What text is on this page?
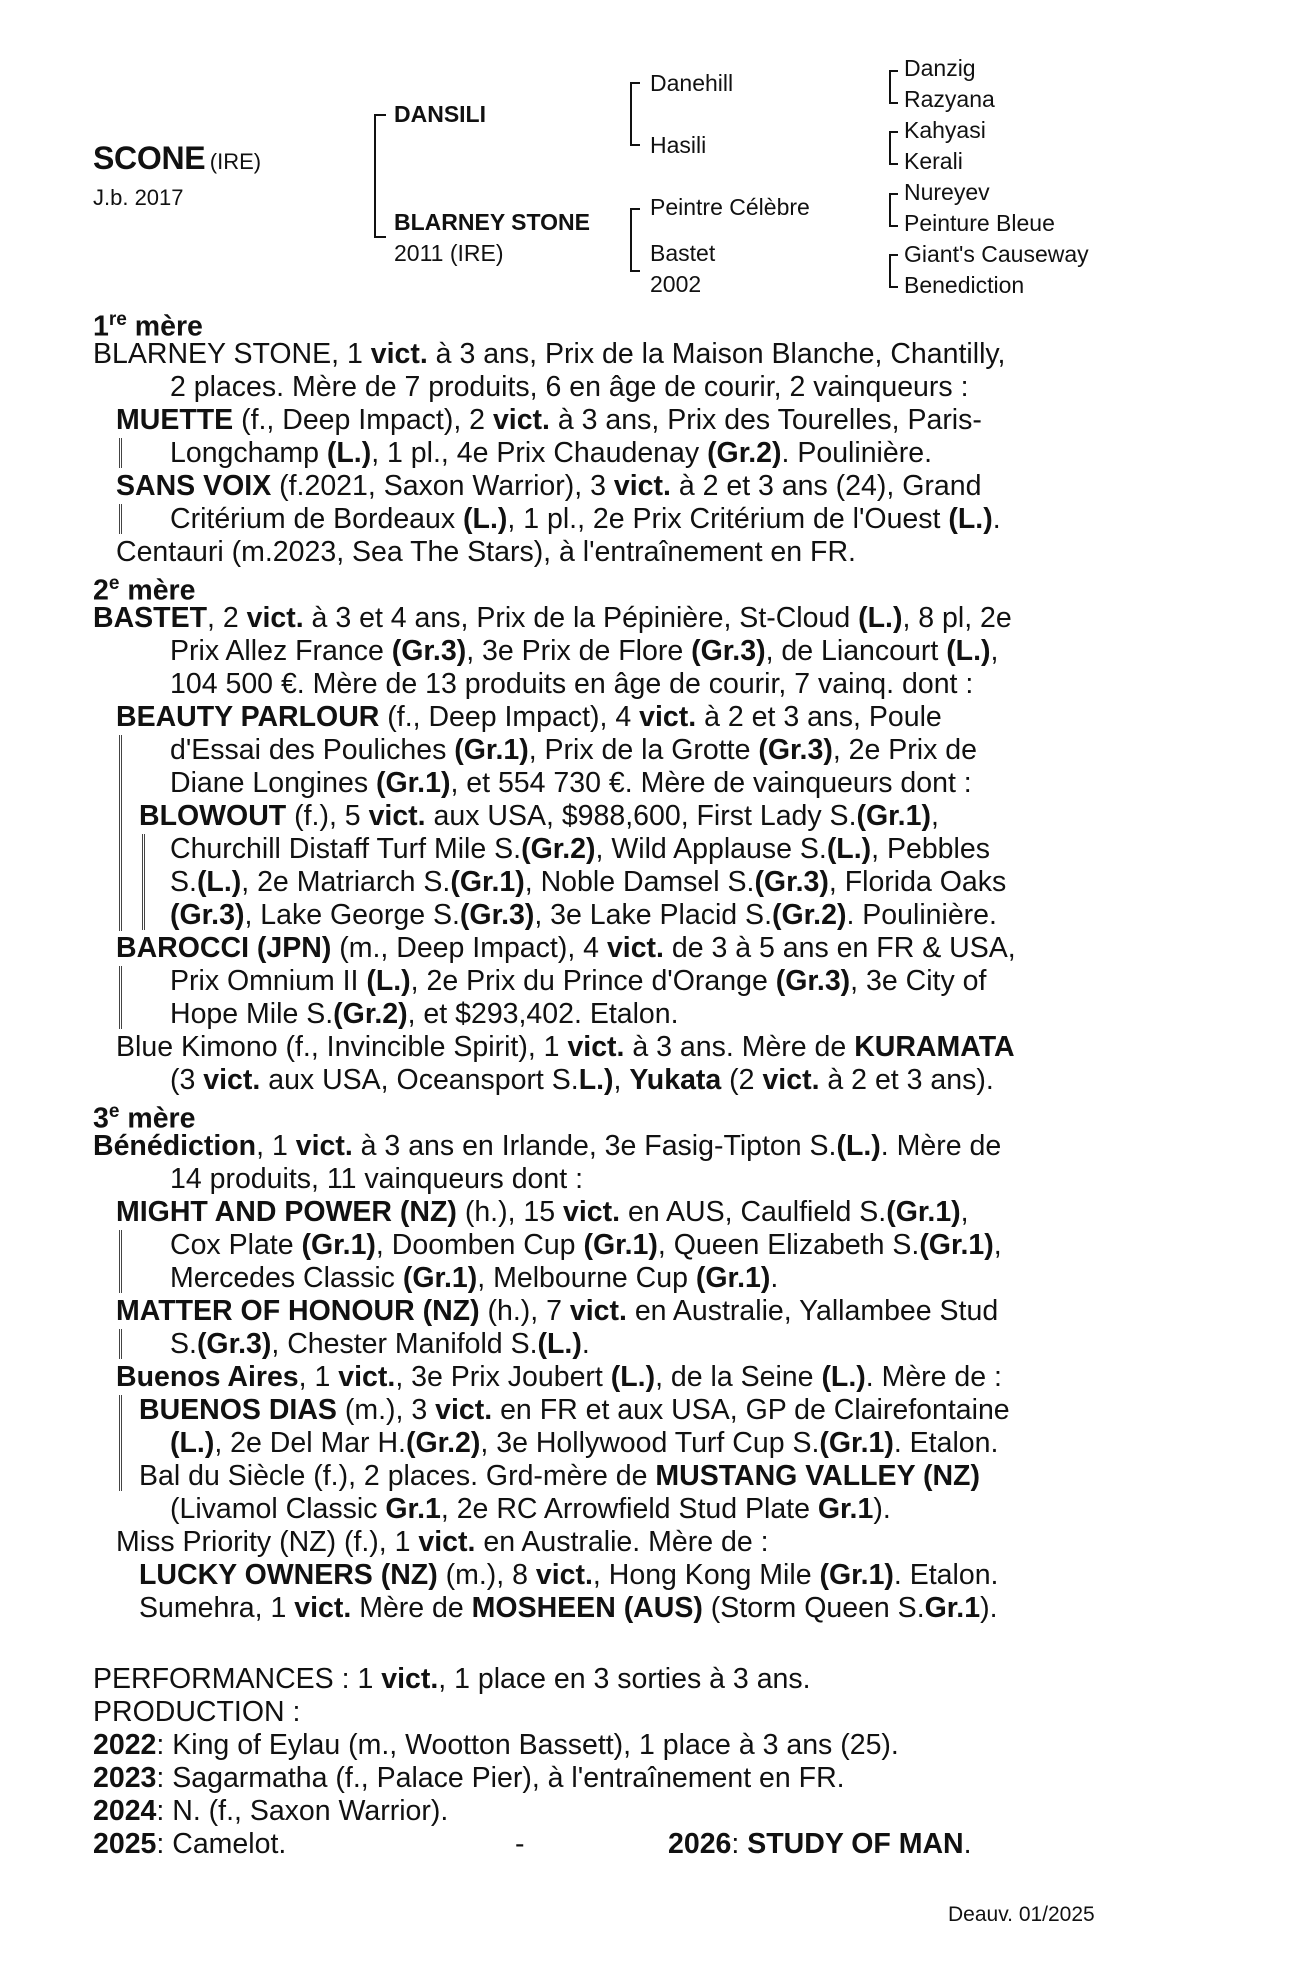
SCONE (IRE)
J.b. 2017
DANSILI
BLARNEY STONE
2011 (IRE)
Danehill
Hasili
Peintre Célèbre
Bastet
2002
Danzig
Razyana
Kahyasi
Kerali
Nureyev
Peinture Bleue
Giant's Causeway
Benediction
1re mère
BLARNEY STONE, 1 vict. à 3 ans, Prix de la Maison Blanche, Chantilly,
2 places. Mère de 7 produits, 6 en âge de courir, 2 vainqueurs :
MUETTE (f., Deep Impact), 2 vict. à 3 ans, Prix des Tourelles, Paris-
Longchamp (L.), 1 pl., 4e Prix Chaudenay (Gr.2). Poulinière.
SANS VOIX (f.2021, Saxon Warrior), 3 vict. à 2 et 3 ans (24), Grand
Critérium de Bordeaux (L.), 1 pl., 2e Prix Critérium de l'Ouest (L.).
Centauri (m.2023, Sea The Stars), à l'entraînement en FR.
2e mère
BASTET, 2 vict. à 3 et 4 ans, Prix de la Pépinière, St-Cloud (L.), 8 pl, 2e
Prix Allez France (Gr.3), 3e Prix de Flore (Gr.3), de Liancourt (L.),
104 500 €. Mère de 13 produits en âge de courir, 7 vainq. dont :
BEAUTY PARLOUR (f., Deep Impact), 4 vict. à 2 et 3 ans, Poule
d'Essai des Pouliches (Gr.1), Prix de la Grotte (Gr.3), 2e Prix de
Diane Longines (Gr.1), et 554 730 €. Mère de vainqueurs dont :
BLOWOUT (f.), 5 vict. aux USA, $988,600, First Lady S.(Gr.1),
Churchill Distaff Turf Mile S.(Gr.2), Wild Applause S.(L.), Pebbles
S.(L.), 2e Matriarch S.(Gr.1), Noble Damsel S.(Gr.3), Florida Oaks
(Gr.3), Lake George S.(Gr.3), 3e Lake Placid S.(Gr.2). Poulinière.
BAROCCI (JPN) (m., Deep Impact), 4 vict. de 3 à 5 ans en FR & USA,
Prix Omnium II (L.), 2e Prix du Prince d'Orange (Gr.3), 3e City of
Hope Mile S.(Gr.2), et $293,402. Etalon.
Blue Kimono (f., Invincible Spirit), 1 vict. à 3 ans. Mère de KURAMATA
(3 vict. aux USA, Oceansport S.L.), Yukata (2 vict. à 2 et 3 ans).
3e mère
Bénédiction, 1 vict. à 3 ans en Irlande, 3e Fasig-Tipton S.(L.). Mère de
14 produits, 11 vainqueurs dont :
MIGHT AND POWER (NZ) (h.), 15 vict. en AUS, Caulfield S.(Gr.1),
Cox Plate (Gr.1), Doomben Cup (Gr.1), Queen Elizabeth S.(Gr.1),
Mercedes Classic (Gr.1), Melbourne Cup (Gr.1).
MATTER OF HONOUR (NZ) (h.), 7 vict. en Australie, Yallambee Stud
S.(Gr.3), Chester Manifold S.(L.).
Buenos Aires, 1 vict., 3e Prix Joubert (L.), de la Seine (L.). Mère de :
BUENOS DIAS (m.), 3 vict. en FR et aux USA, GP de Clairefontaine
(L.), 2e Del Mar H.(Gr.2), 3e Hollywood Turf Cup S.(Gr.1). Etalon.
Bal du Siècle (f.), 2 places. Grd-mère de MUSTANG VALLEY (NZ)
(Livamol Classic Gr.1, 2e RC Arrowfield Stud Plate Gr.1).
Miss Priority (NZ) (f.), 1 vict. en Australie. Mère de :
LUCKY OWNERS (NZ) (m.), 8 vict., Hong Kong Mile (Gr.1). Etalon.
Sumehra, 1 vict. Mère de MOSHEEN (AUS) (Storm Queen S.Gr.1).
PERFORMANCES : 1 vict., 1 place en 3 sorties à 3 ans.
PRODUCTION :
2022: King of Eylau (m., Wootton Bassett), 1 place à 3 ans (25).
2023: Sagarmatha (f., Palace Pier), à l'entraînement en FR.
2024: N. (f., Saxon Warrior).
2025: Camelot.	-	2026: STUDY OF MAN.
Deauv. 01/2025
